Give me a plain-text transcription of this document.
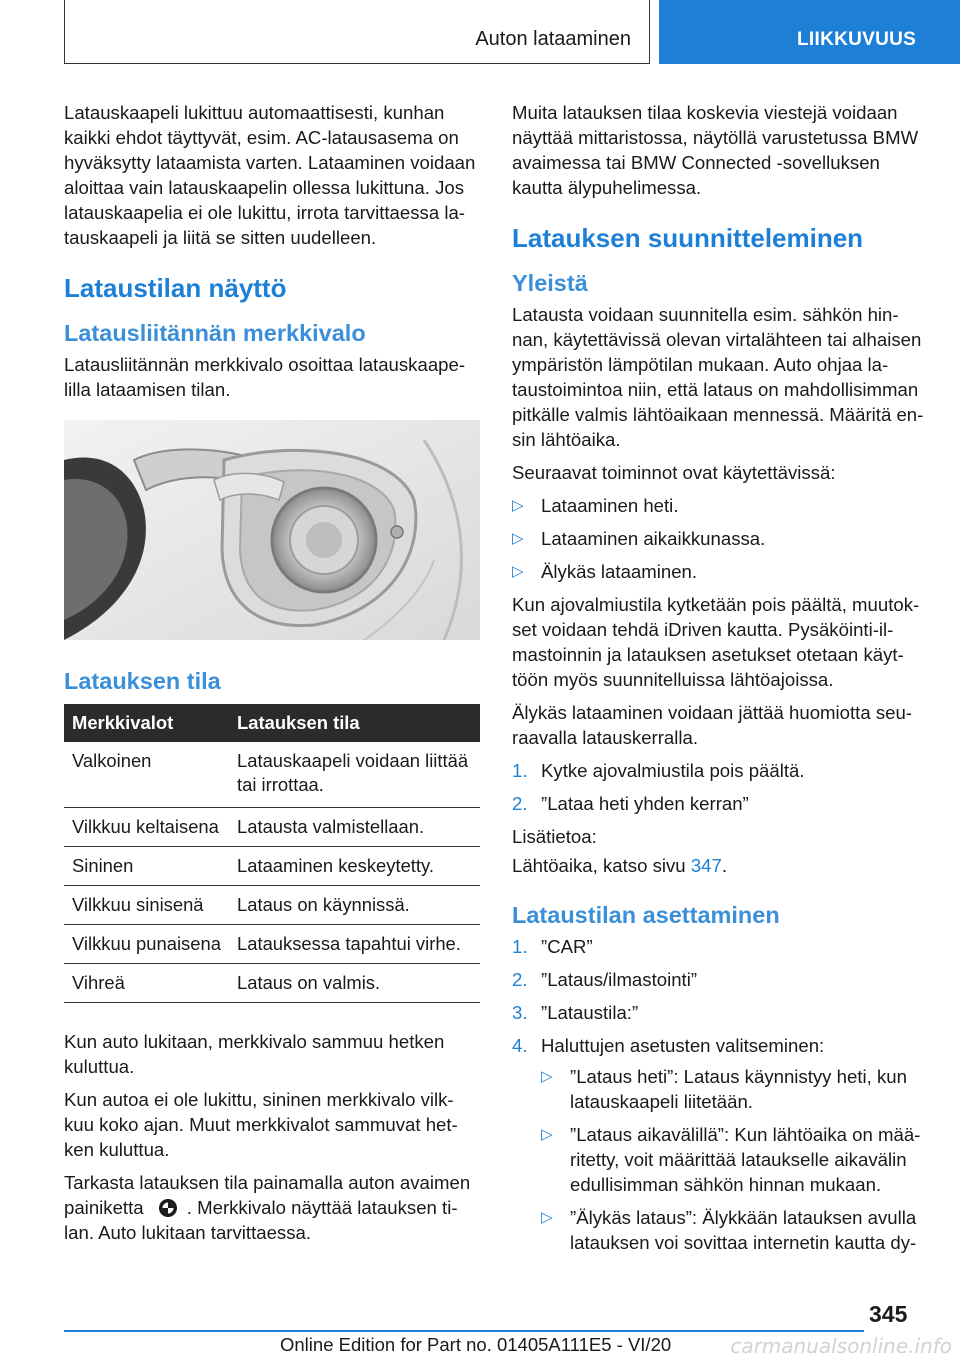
Auton lataaminen	LIIKKUVUUS

Latauskaapeli lukittuu automaattisesti, kunhan kaikki ehdot täyttyvät, esim. AC-latausasema on hyväksytty lataamista varten. Lataaminen voidaan aloittaa vain latauskaapelin ollessa lukittuna. Jos latauskaapelia ei ole lukittu, irrota tarvittaessa la-tauskaapeli ja liitä se sitten uudelleen.

Lataustilan näyttö
Latausliitännän merkkivalo

Latausliitännän merkkivalo osoittaa latauskaape-lilla lataamisen tilan.

Latauksen tila
Merkkivalot	Latauksen tila
Valkoinen	Latauskaapeli voidaan liittää tai irrottaa.
Vilkkuu keltaisena	Latausta valmistellaan.
Sininen	Lataaminen keskeytetty.
Vilkkuu sinisenä	Lataus on käynnissä.
Vilkkuu punaisena	Latauksessa tapahtui virhe.
Vihreä	Lataus on valmis.

Kun auto lukitaan, merkkivalo sammuu hetken kuluttua.

Kun autoa ei ole lukittu, sininen merkkivalo vilk-kuu koko ajan. Muut merkkivalot sammuvat het-ken kuluttua.

Tarkasta latauksen tila painamalla auton avaimen painiketta . Merkkivalo näyttää latauksen ti-lan. Auto lukitaan tarvittaessa.

Muita latauksen tilaa koskevia viestejä voidaan näyttää mittaristossa, näytöllä varustetussa BMW avaimessa tai BMW Connected -sovelluksen kautta älypuhelimessa.

Latauksen suunnitteleminen
Yleistä

Latausta voidaan suunnitella esim. sähkön hin-nan, käytettävissä olevan virtalähteen tai alhaisen ympäristön lämpötilan mukaan. Auto ohjaa la-taustoimintoa niin, että lataus on mahdollisimman pitkälle valmis lähtöaikaan mennessä. Määritä en-sin lähtöaika.

Seuraavat toiminnot ovat käytettävissä:

▷ Lataaminen heti.
▷ Lataaminen aikaikkunassa.
▷ Älykäs lataaminen.

Kun ajovalmiustila kytketään pois päältä, muutok-set voidaan tehdä iDriven kautta. Pysäköinti-il-mastoinnin ja latauksen asetukset otetaan käyt-töön myös suunnitelluissa lähtöajoissa.

Älykäs lataaminen voidaan jättää huomiotta seu-raavalla latauskerralla.

1. Kytke ajovalmiustila pois päältä.
2. ”Lataa heti yhden kerran”

Lisätietoa:

Lähtöaika, katso sivu 347.

Lataustilan asettaminen
1. ”CAR”
2. ”Lataus/ilmastointi”
3. ”Lataustila:”
4. Haluttujen asetusten valitseminen:
▷ ”Lataus heti”: Lataus käynnistyy heti, kun latauskaapeli liitetään.
▷ ”Lataus aikavälillä”: Kun lähtöaika on mää-ritetty, voit määrittää lataukselle aikavälin edullisimman sähkön hinnan mukaan.
▷ ”Älykäs lataus”: Älykkään latauksen avulla latauksen voi sovittaa internetin kautta dy-
345
Online Edition for Part no. 01405A111E5 - VI/20	carmanualsonline.info
